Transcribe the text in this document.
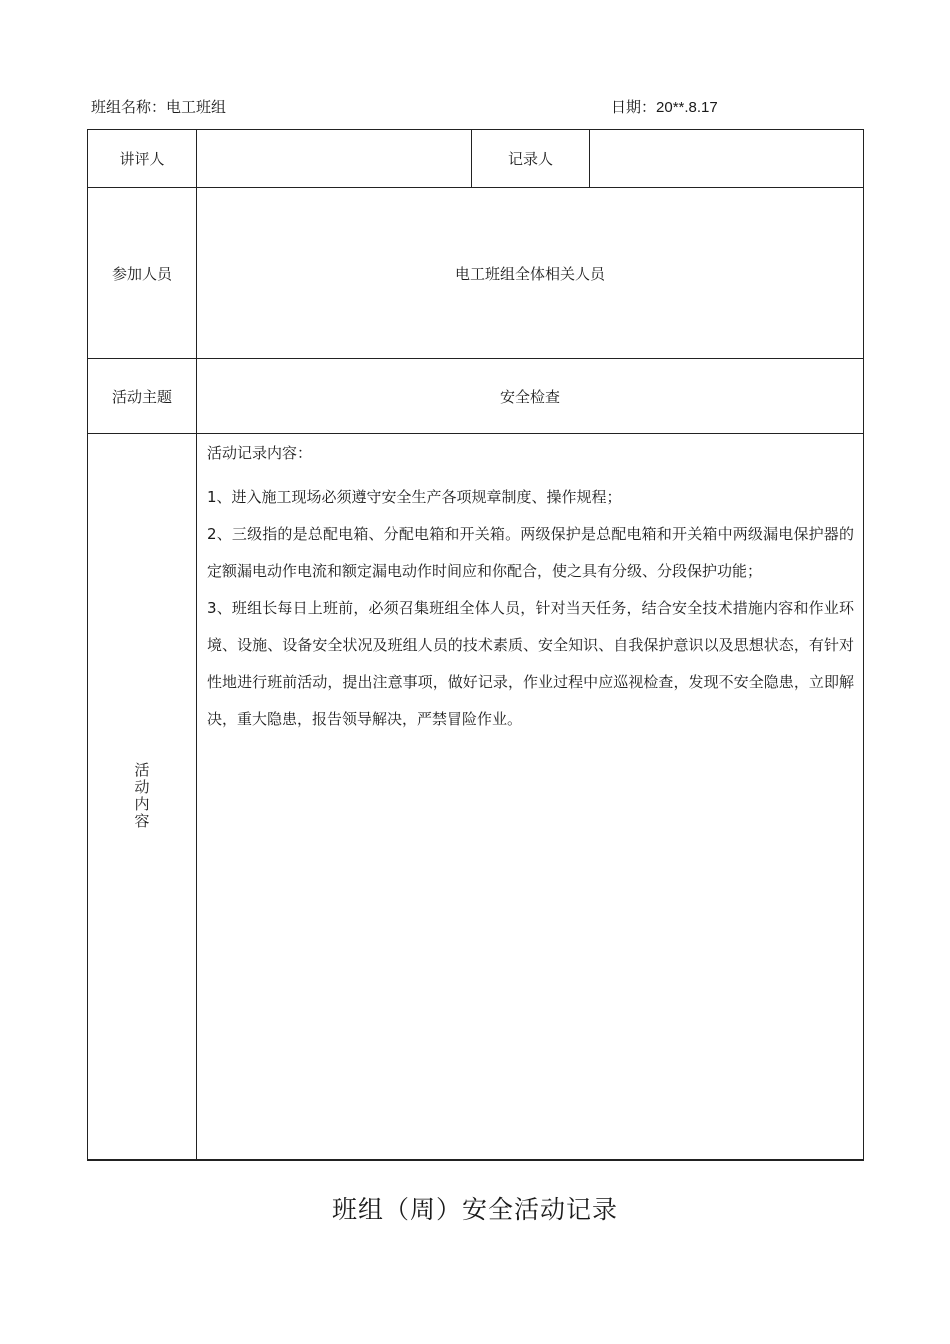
班组名称：电工班组	日期：20**.8.17
讲评人		记录人	
参加人员	电工班组全体相关人员		
活动主题	安全检查		
活动内容	活动记录内容：

1、进入施工现场必须遵守安全生产各项规章制度、操作规程；

2、三级指的是总配电箱、分配电箱和开关箱。两级保护是总配电箱和开关箱中两级漏电保护器的定额漏电动作电流和额定漏电动作时间应和你配合，使之具有分级、分段保护功能；

3、班组长每日上班前，必须召集班组全体人员，针对当天任务，结合安全技术措施内容和作业环境、设施、设备安全状况及班组人员的技术素质、安全知识、自我保护意识以及思想状态，有针对性地进行班前活动，提出注意事项，做好记录，作业过程中应巡视检查，发现不安全隐患，立即解决，重大隐患，报告领导解决，严禁冒险作业。		

班组（周）安全活动记录
